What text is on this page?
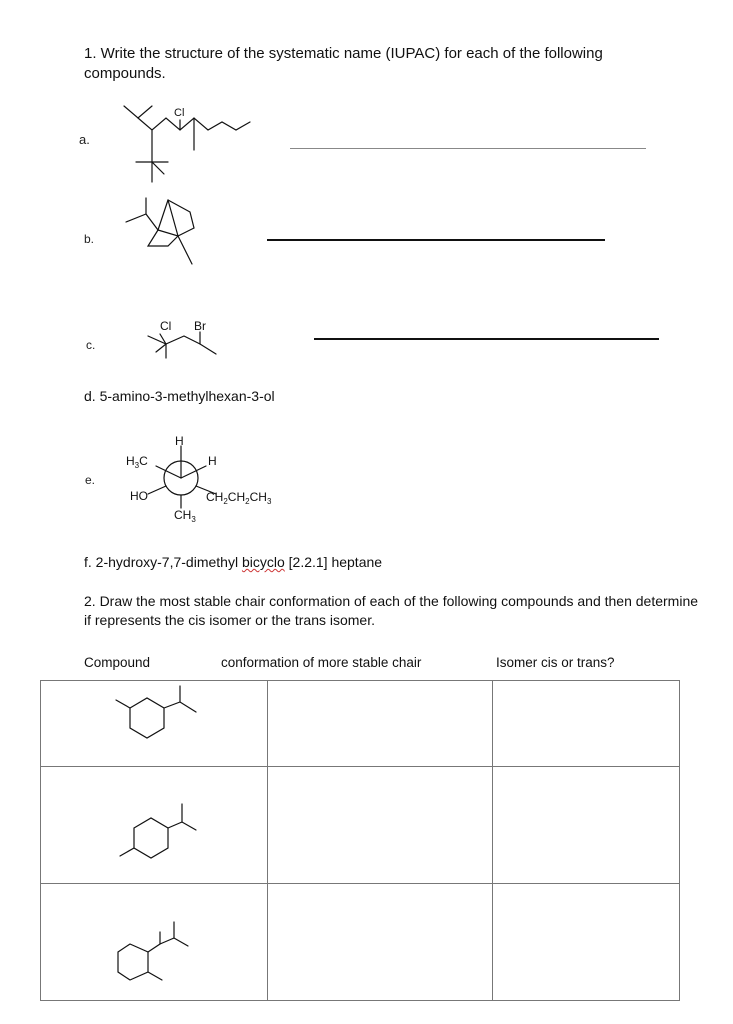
1. Write the structure of the systematic name (IUPAC) for each of the following compounds.
a.
Cl
b.
c.
Cl Br
d. 5-amino-3-methylhexan-3-ol
e.
H
$H_3C$	H
HO	$CH_2CH_2CH_3$
$CH_3$
f. 2-hydroxy-7,7-dimethyl bicyclo [2.2.1] heptane
2. Draw the most stable chair conformation of each of the following compounds and then determine if represents the cis isomer or the trans isomer.
Compound	conformation of more stable chair	Isomer cis or trans?
